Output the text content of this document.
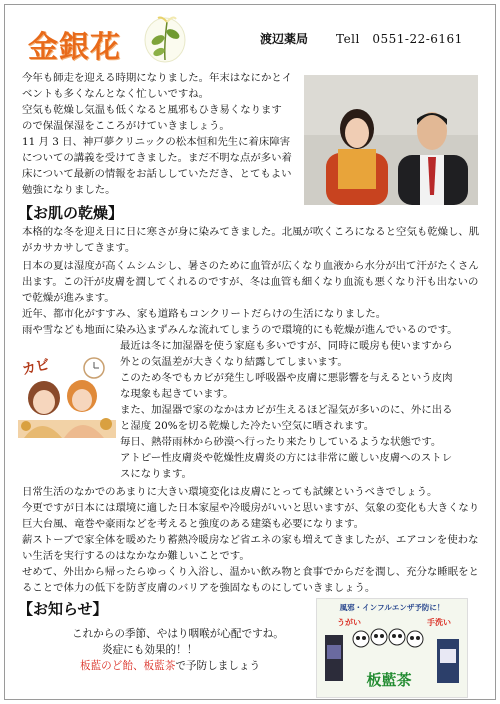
金銀花	渡辺薬局 Tell　0551-22-6161
今年も師走を迎える時期になりました。年末はなにかとイ
ベントも多くなんとなく忙しいですね。
空気も乾燥し気温も低くなると風邪もひき易くなります
ので保温保湿をこころがけていきましょう。
11 月 3 日、神戸夢クリニックの松本恒和先生に着床障害
についての講義を受けてきました。まだ不明な点が多い着
床について最新の情報をお話ししていただき、とてもよい
勉強になりました。
【お肌の乾燥】
本格的な冬を迎え日に日に寒さが身に染みてきました。北風が吹くころになると空気も乾燥し、肌
がカサカサしてきます。
日本の夏は湿度が高くムシムシし、暑さのために血管が広くなり血液から水分が出て汗がたくさん
出ます。この汗が皮膚を潤してくれるのですが、冬は血管も細くなり血流も悪くなり汗も出ないの
で乾燥が進みます。
近年、都市化がすすみ、家も道路もコンクリートだらけの生活になりました。
雨や雪なども地面に染み込まずみんな流れてしまうので環境的にも乾燥が進んでいるのです。
カビ
最近は冬に加湿器を使う家庭も多いですが、同時に暖房も使いますから
外との気温差が大きくなり結露してしまいます。
このため冬でもカビが発生し呼吸器や皮膚に悪影響を与えるという皮肉
な現象も起きています。
また、加湿器で家のなかはカビが生えるほど湿気が多いのに、外に出る
と湿度 20%を切る乾燥した冷たい空気に晒されます。
毎日、熱帯雨林から砂漠へ行ったり来たりしているような状態です。
アトピー性皮膚炎や乾燥性皮膚炎の方には非常に厳しい皮膚へのストレ
スになります。
日常生活のなかでのあまりに大きい環境変化は皮膚にとっても試練というべきでしょう。
今更ですが日本には環境に適した日本家屋や冷暖房がいいと思いますが、気象の変化も大きくなり
巨大台風、竜巻や豪雨などを考えると強度のある建築も必要になります。
薪ストーブで家全体を暖めたり蓄熱冷暖房など省エネの家も増えてきましたが、エアコンを使わな
い生活を実行するのはなかなか難しいことです。
せめて、外出から帰ったらゆっくり入浴し、温かい飲み物と食事でからだを潤し、充分な睡眠をと
ることで体力の低下を防ぎ皮膚のバリアを強固なものにしていきましょう。
【お知らせ】
これからの季節、やはり咽喉が心配ですね。
炎症にも効果的！！
板藍のど飴、板藍茶で予防しましょう
風邪・インフルエンザ予防に！
うがい	手洗い
板藍茶
